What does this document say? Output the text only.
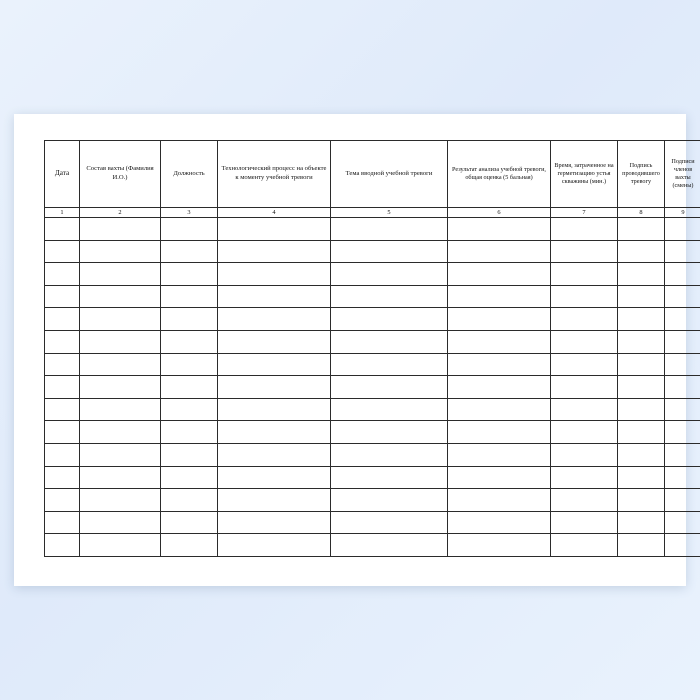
Дата	Состав вахты (Фамилия И.О.)	Должность	Технологический процесс на объекте к моменту учебной тревоги	Тема вводной учебной тревоги	Результат анализа учебной тревоги, общая оценка (5 бальная)	Время, затраченное на герметизацию устья скважины (мин.)	Подпись проводившего тревогу	Подписи членов вахты (смены)
1	2	3	4	5	6	7	8	9
